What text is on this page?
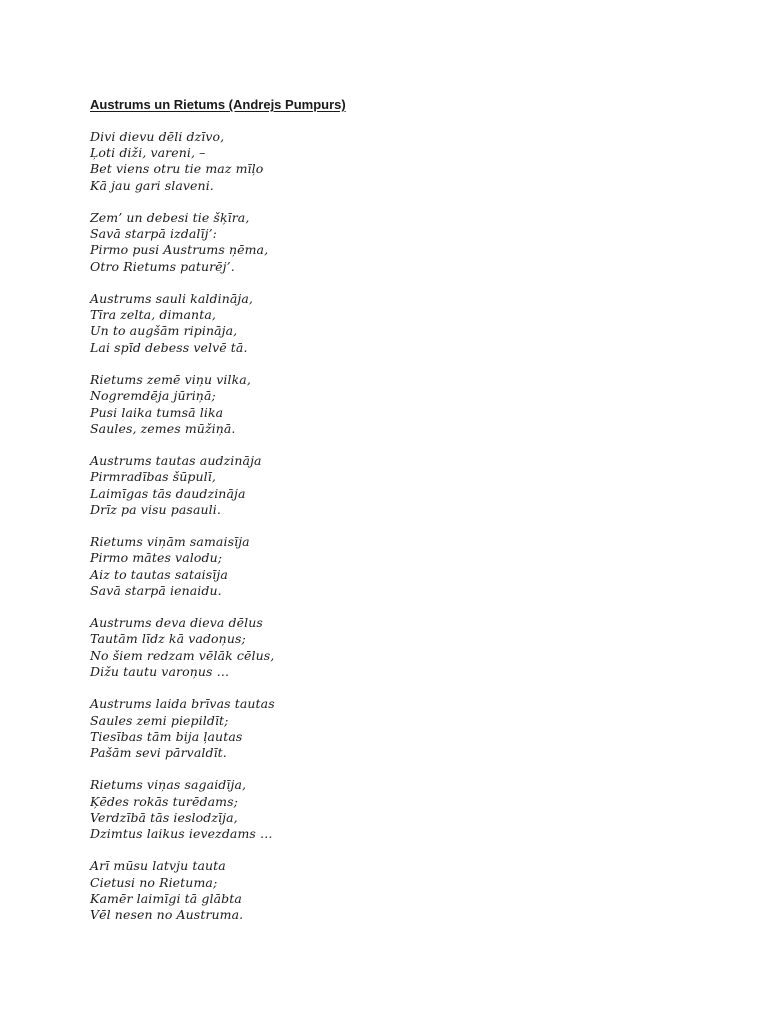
Austrums un Rietums (Andrejs Pumpurs)
Divi dievu dēli dzīvo,
Ļoti diži, vareni, –
Bet viens otru tie maz mīļo
Kā jau gari slaveni.
Zem’ un debesi tie šķīra,
Savā starpā izdalīj’:
Pirmo pusi Austrums ņēma,
Otro Rietums paturēj’.
Austrums sauli kaldināja,
Tīra zelta, dimanta,
Un to augšām ripināja,
Lai spīd debess velvē tā.
Rietums zemē viņu vilka,
Nogremdēja jūriņā;
Pusi laika tumsā lika
Saules, zemes mūžiņā.
Austrums tautas audzināja
Pirmradības šūpulī,
Laimīgas tās daudzināja
Drīz pa visu pasauli.
Rietums viņām samaisīja
Pirmo mātes valodu;
Aiz to tautas sataisīja
Savā starpā ienaidu.
Austrums deva dieva dēlus
Tautām līdz kā vadoņus;
No šiem redzam vēlāk cēlus,
Dižu tautu varoņus …
Austrums laida brīvas tautas
Saules zemi piepildīt;
Tiesības tām bija ļautas
Pašām sevi pārvaldīt.
Rietums viņas sagaidīja,
Ķēdes rokās turēdams;
Verdzībā tās ieslodzīja,
Dzimtus laikus ievezdams …
Arī mūsu latvju tauta
Cietusi no Rietuma;
Kamēr laimīgi tā glābta
Vēl nesen no Austruma.
